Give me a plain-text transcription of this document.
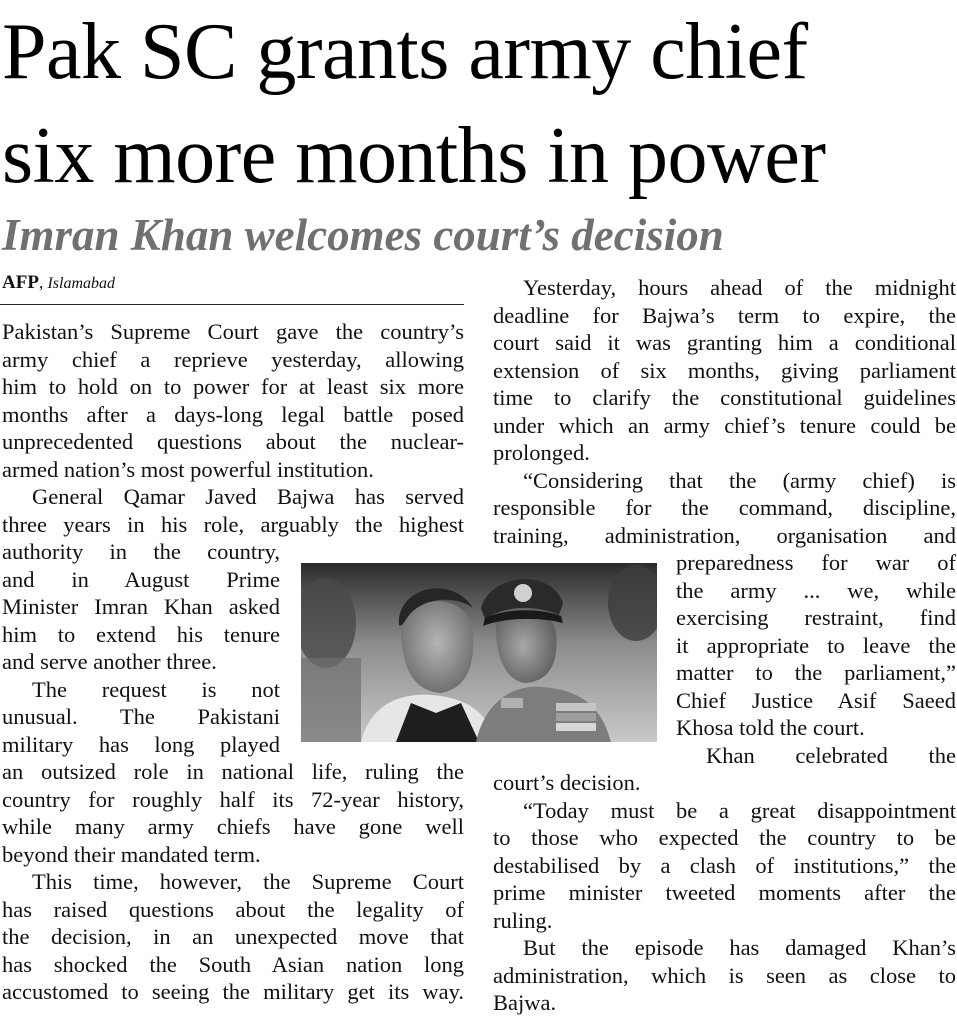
Pak SC grants army chief
six more months in power
Imran Khan welcomes court’s decision
AFP, Islamabad
Pakistan’s Supreme Court gave the country’s
army chief a reprieve yesterday, allowing
him to hold on to power for at least six more
months after a days-long legal battle posed
unprecedented questions about the nuclear-
armed nation’s most powerful institution.
General Qamar Javed Bajwa has served
three years in his role, arguably the highest
authority in the country,
and in August Prime
Minister Imran Khan asked
him to extend his tenure
and serve another three.
The request is not
unusual. The Pakistani
military has long played
an outsized role in national life, ruling the
country for roughly half its 72-year history,
while many army chiefs have gone well
beyond their mandated term.
This time, however, the Supreme Court
has raised questions about the legality of
the decision, in an unexpected move that
has shocked the South Asian nation long
accustomed to seeing the military get its way.
Yesterday, hours ahead of the midnight
deadline for Bajwa’s term to expire, the
court said it was granting him a conditional
extension of six months, giving parliament
time to clarify the constitutional guidelines
under which an army chief’s tenure could be
prolonged.
“Considering that the (army chief) is
responsible for the command, discipline,
training, administration, organisation and
preparedness for war of
the army ... we, while
exercising restraint, find
it appropriate to leave the
matter to the parliament,”
Chief Justice Asif Saeed
Khosa told the court.
Khan celebrated the
court’s decision.
“Today must be a great disappointment
to those who expected the country to be
destabilised by a clash of institutions,” the
prime minister tweeted moments after the
ruling.
But the episode has damaged Khan’s
administration, which is seen as close to
Bajwa.
